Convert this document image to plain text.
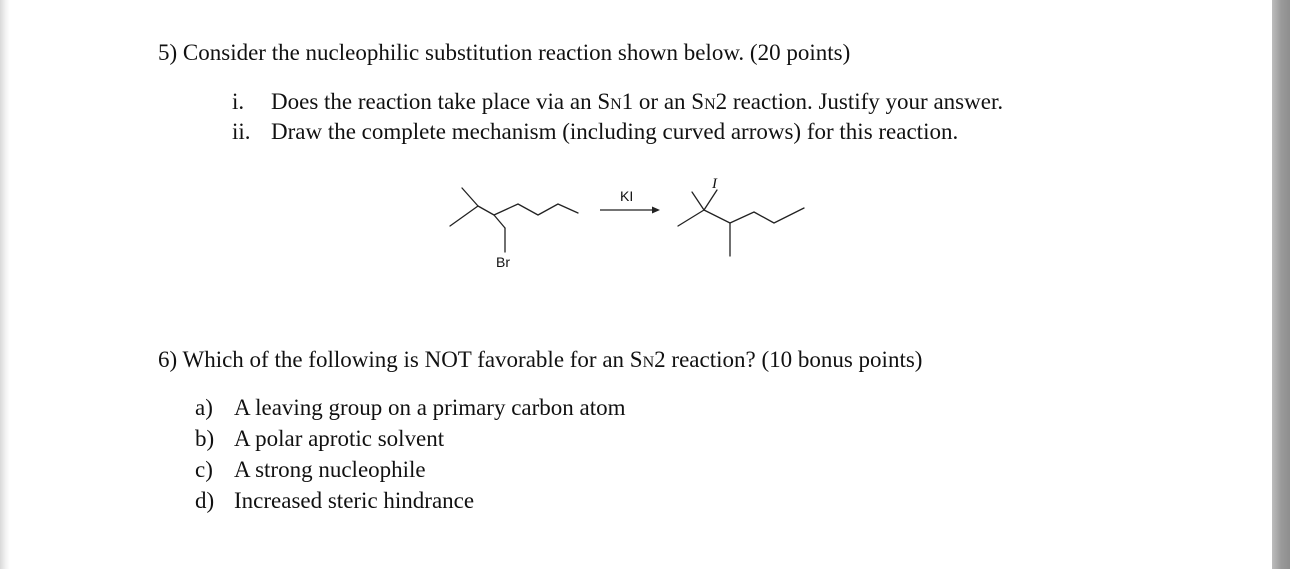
5) Consider the nucleophilic substitution reaction shown below. (20 points)
i. Does the reaction take place via an SN1 or an SN2 reaction. Justify your answer.
ii. Draw the complete mechanism (including curved arrows) for this reaction.
Br
KI
I
6) Which of the following is NOT favorable for an SN2 reaction? (10 bonus points)
a) A leaving group on a primary carbon atom
b) A polar aprotic solvent
c) A strong nucleophile
d) Increased steric hindrance
